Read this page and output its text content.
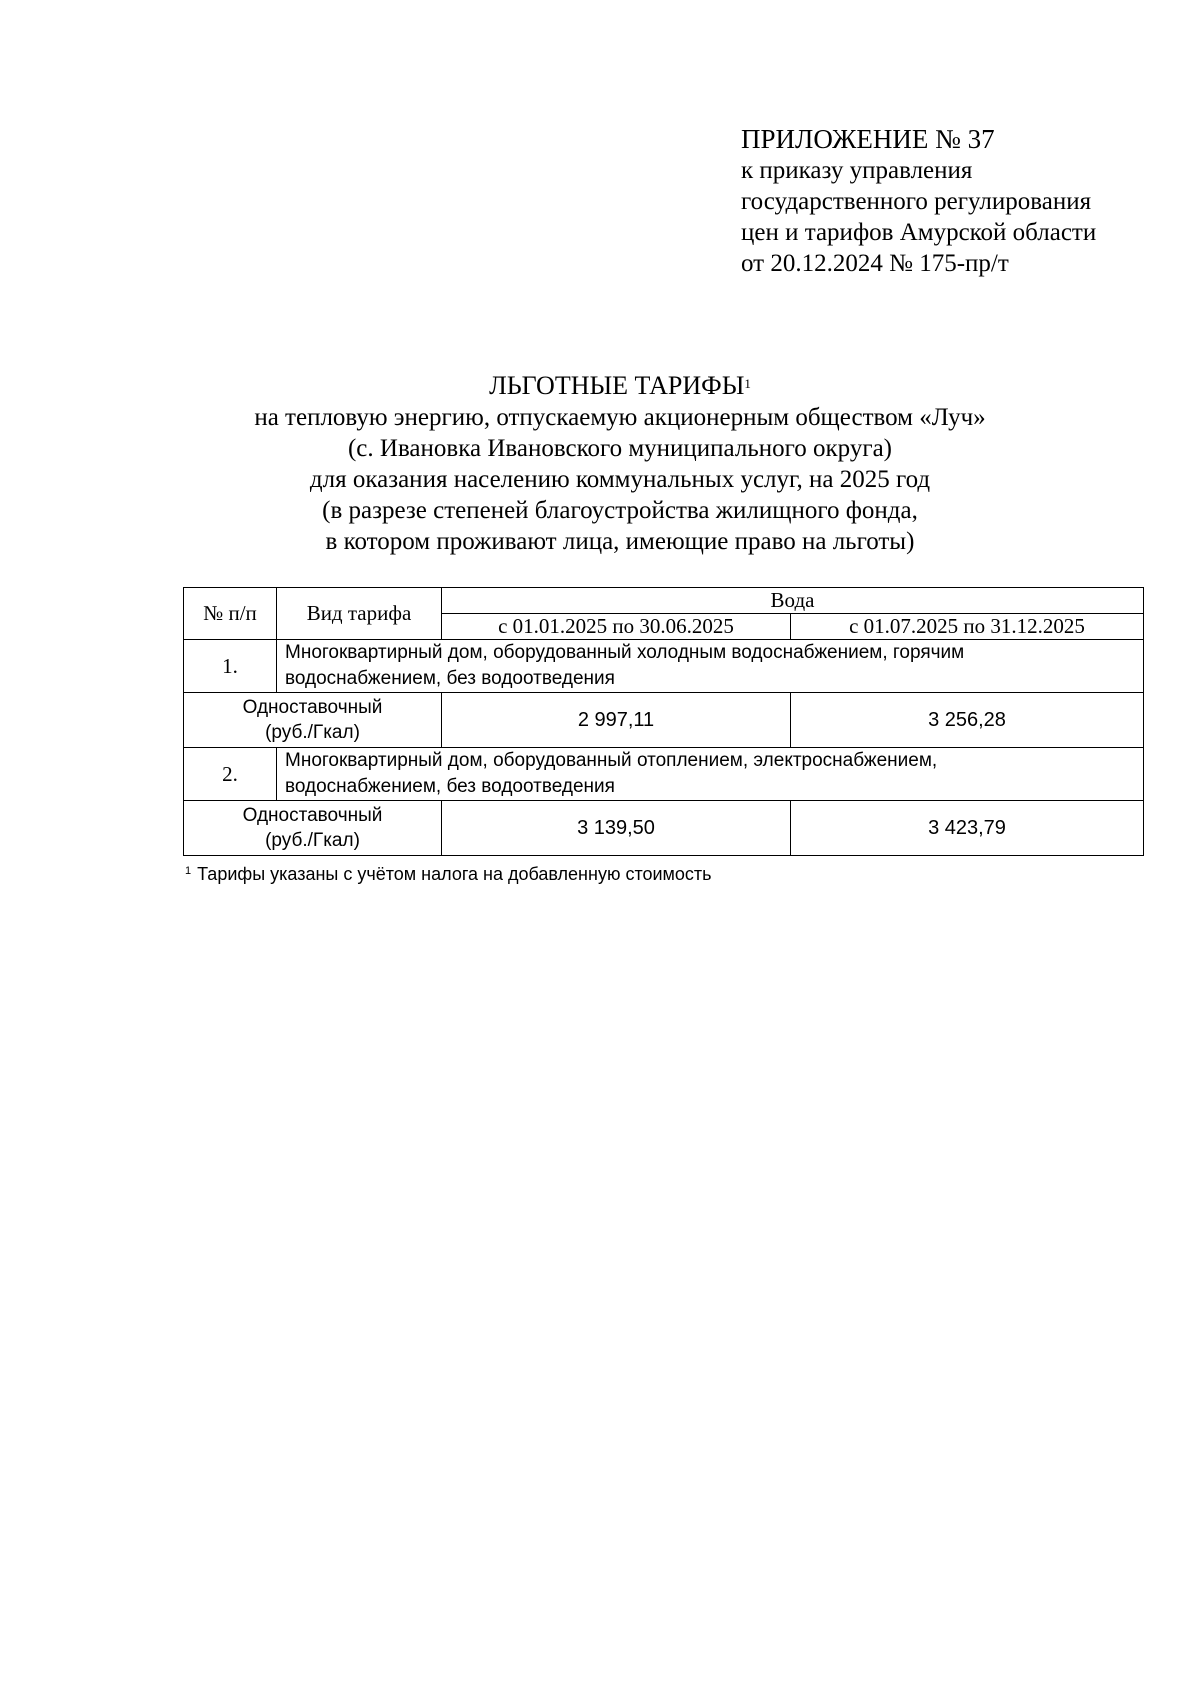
ПРИЛОЖЕНИЕ № 37
к приказу управления
государственного регулирования
цен и тарифов Амурской области
от 20.12.2024 № 175-пр/т
ЛЬГОТНЫЕ ТАРИФЫ$^1$
на тепловую энергию, отпускаемую акционерным обществом «Луч»
(с. Ивановка Ивановского муниципального округа)
для оказания населению коммунальных услуг, на 2025 год
(в разрезе степеней благоустройства жилищного фонда,
в котором проживают лица, имеющие право на льготы)
№ п/п	Вид тарифа	Вода	
		с 01.01.2025 по 30.06.2025	с 01.07.2025 по 31.12.2025
1.	Многоквартирный дом, оборудованный холодным водоснабжением, горячим
водоснабжением, без водоотведения		
Одноставочный
(руб./Гкал)		2 997,11	3 256,28
2.	Многоквартирный дом, оборудованный отоплением, электроснабжением,
водоснабжением, без водоотведения		
Одноставочный
(руб./Гкал)		3 139,50	3 423,79
$^1$ Тарифы указаны с учётом налога на добавленную стоимость
